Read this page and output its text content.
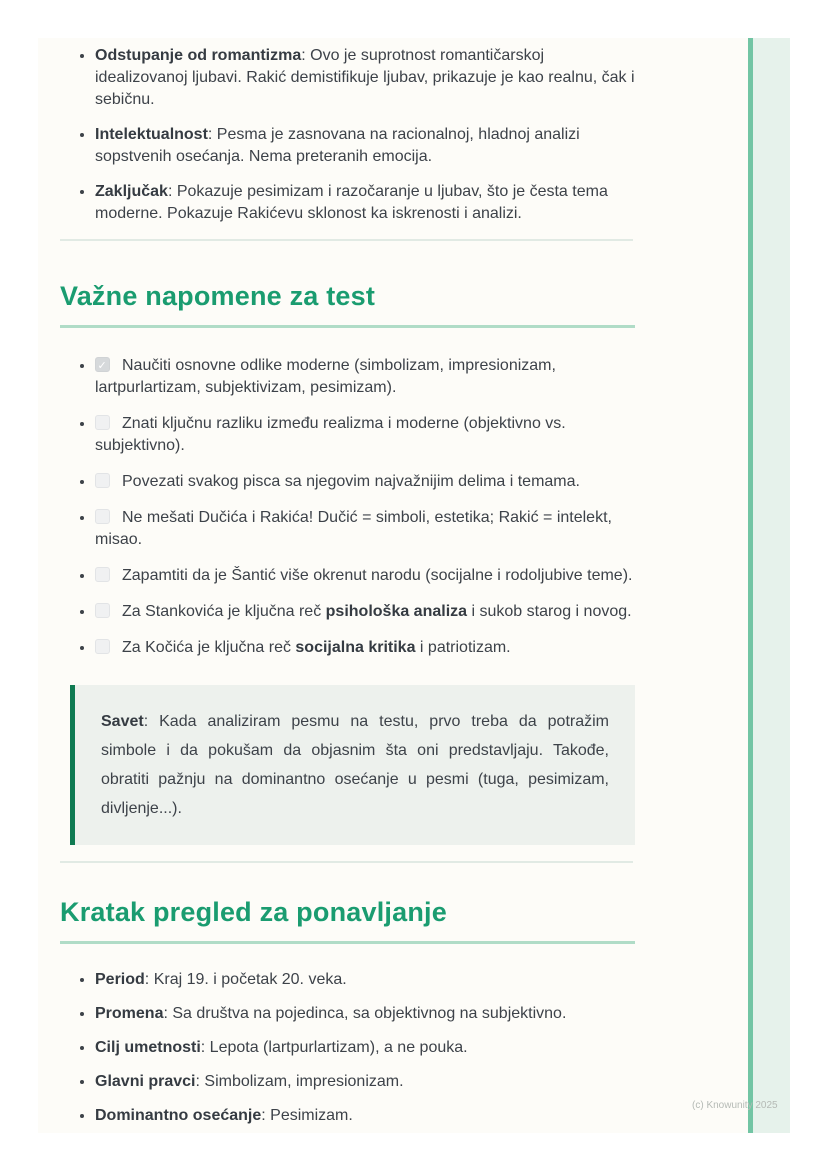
• Odstupanje od romantizma: Ovo je suprotnost romantičarskoj idealizovanoj ljubavi. Rakić demistifikuje ljubav, prikazuje je kao realnu, čak i sebičnu.
• Intelektualnost: Pesma je zasnovana na racionalnoj, hladnoj analizi sopstvenih osećanja. Nema preteranih emocija.
• Zaključak: Pokazuje pesimizam i razočaranje u ljubav, što je česta tema moderne. Pokazuje Rakićevu sklonost ka iskrenosti i analizi.
Važne napomene za test
✓• Naučiti osnovne odlike moderne (simbolizam, impresionizam, lartpurlartizam, subjektivizam, pesimizam).
• Znati ključnu razliku između realizma i moderne (objektivno vs. subjektivno).
• Povezati svakog pisca sa njegovim najvažnijim delima i temama.
• Ne mešati Dučića i Rakića! Dučić = simboli, estetika; Rakić = intelekt, misao.
• Zapamtiti da je Šantić više okrenut narodu (socijalne i rodoljubive teme).
• Za Stankovića je ključna reč psihološka analiza i sukob starog i novog.
• Za Kočića je ključna reč socijalna kritika i patriotizam.

Savet: Kada analiziram pesmu na testu, prvo treba da potražim simbole i da pokušam da objasnim šta oni predstavljaju. Takođe, obratiti pažnju na dominantno osećanje u pesmi (tuga, pesimizam, divljenje...).

Kratak pregled za ponavljanje
• Period: Kraj 19. i početak 20. veka.
• Promena: Sa društva na pojedinca, sa objektivnog na subjektivno.
• Cilj umetnosti: Lepota (lartpurlartizam), a ne pouka.
• Glavni pravci: Simbolizam, impresionizam.
• Dominantno osećanje: Pesimizam.
(c) Knowunity 2025
